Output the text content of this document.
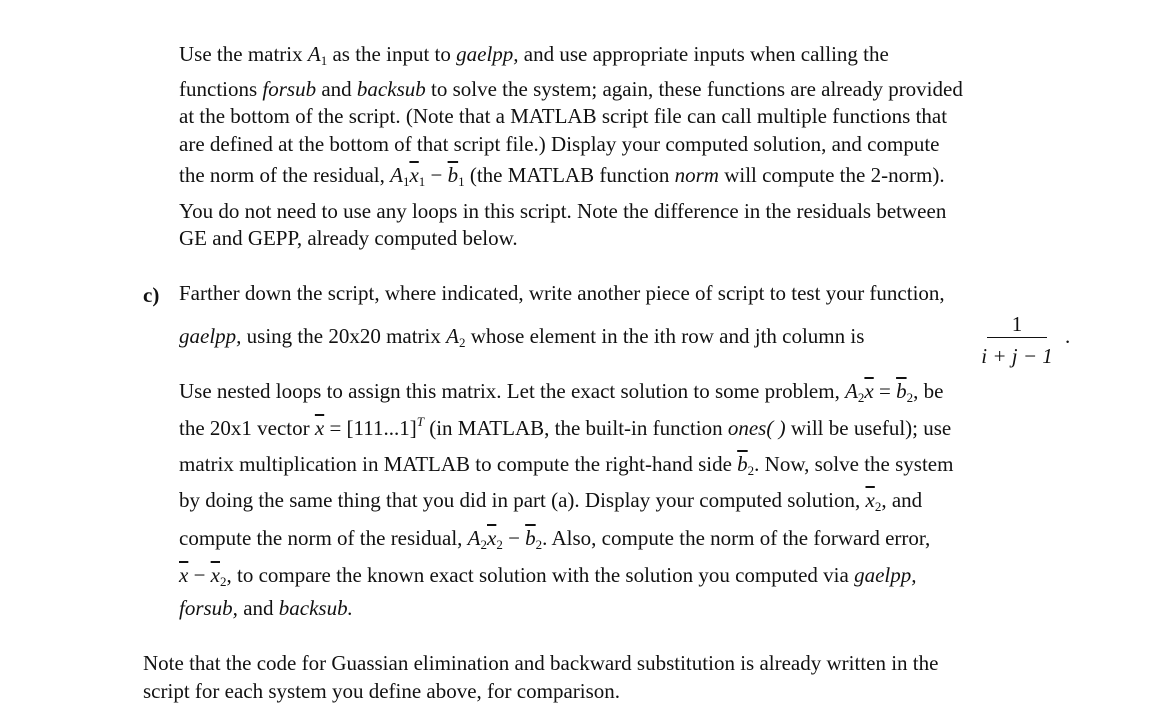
Use the matrix $A_1$ as the input to gaelpp, and use appropriate inputs when calling the
functions forsub and backsub to solve the system; again, these functions are already provided
at the bottom of the script. (Note that a MATLAB script file can call multiple functions that
are defined at the bottom of that script file.) Display your computed solution, and compute
the norm of the residual, $A_1\overline{x}_1 - \overline{b}_1$ (the MATLAB function norm will compute the 2-norm).
You do not need to use any loops in this script. Note the difference in the residuals between
GE and GEPP, already computed below.
c) Farther down the script, where indicated, write another piece of script to test your function,
gaelpp, using the 20x20 matrix $A_2$ whose element in the ith row and jth column is	1
i + j − 1
.
Use nested loops to assign this matrix. Let the exact solution to some problem, $A_2\overline{x} = \overline{b}_2$, be
the 20x1 vector $\overline{x} = [111...1]^T$ (in MATLAB, the built-in function ones( ) will be useful); use
matrix multiplication in MATLAB to compute the right-hand side $\overline{b}_2$. Now, solve the system
by doing the same thing that you did in part (a). Display your computed solution, $\overline{x}_2$, and
compute the norm of the residual, $A_2\overline{x}_2 - \overline{b}_2$. Also, compute the norm of the forward error,
$\overline{x} - \overline{x}_2$, to compare the known exact solution with the solution you computed via gaelpp,
forsub, and backsub.
Note that the code for Guassian elimination and backward substitution is already written in the
script for each system you define above, for comparison.
